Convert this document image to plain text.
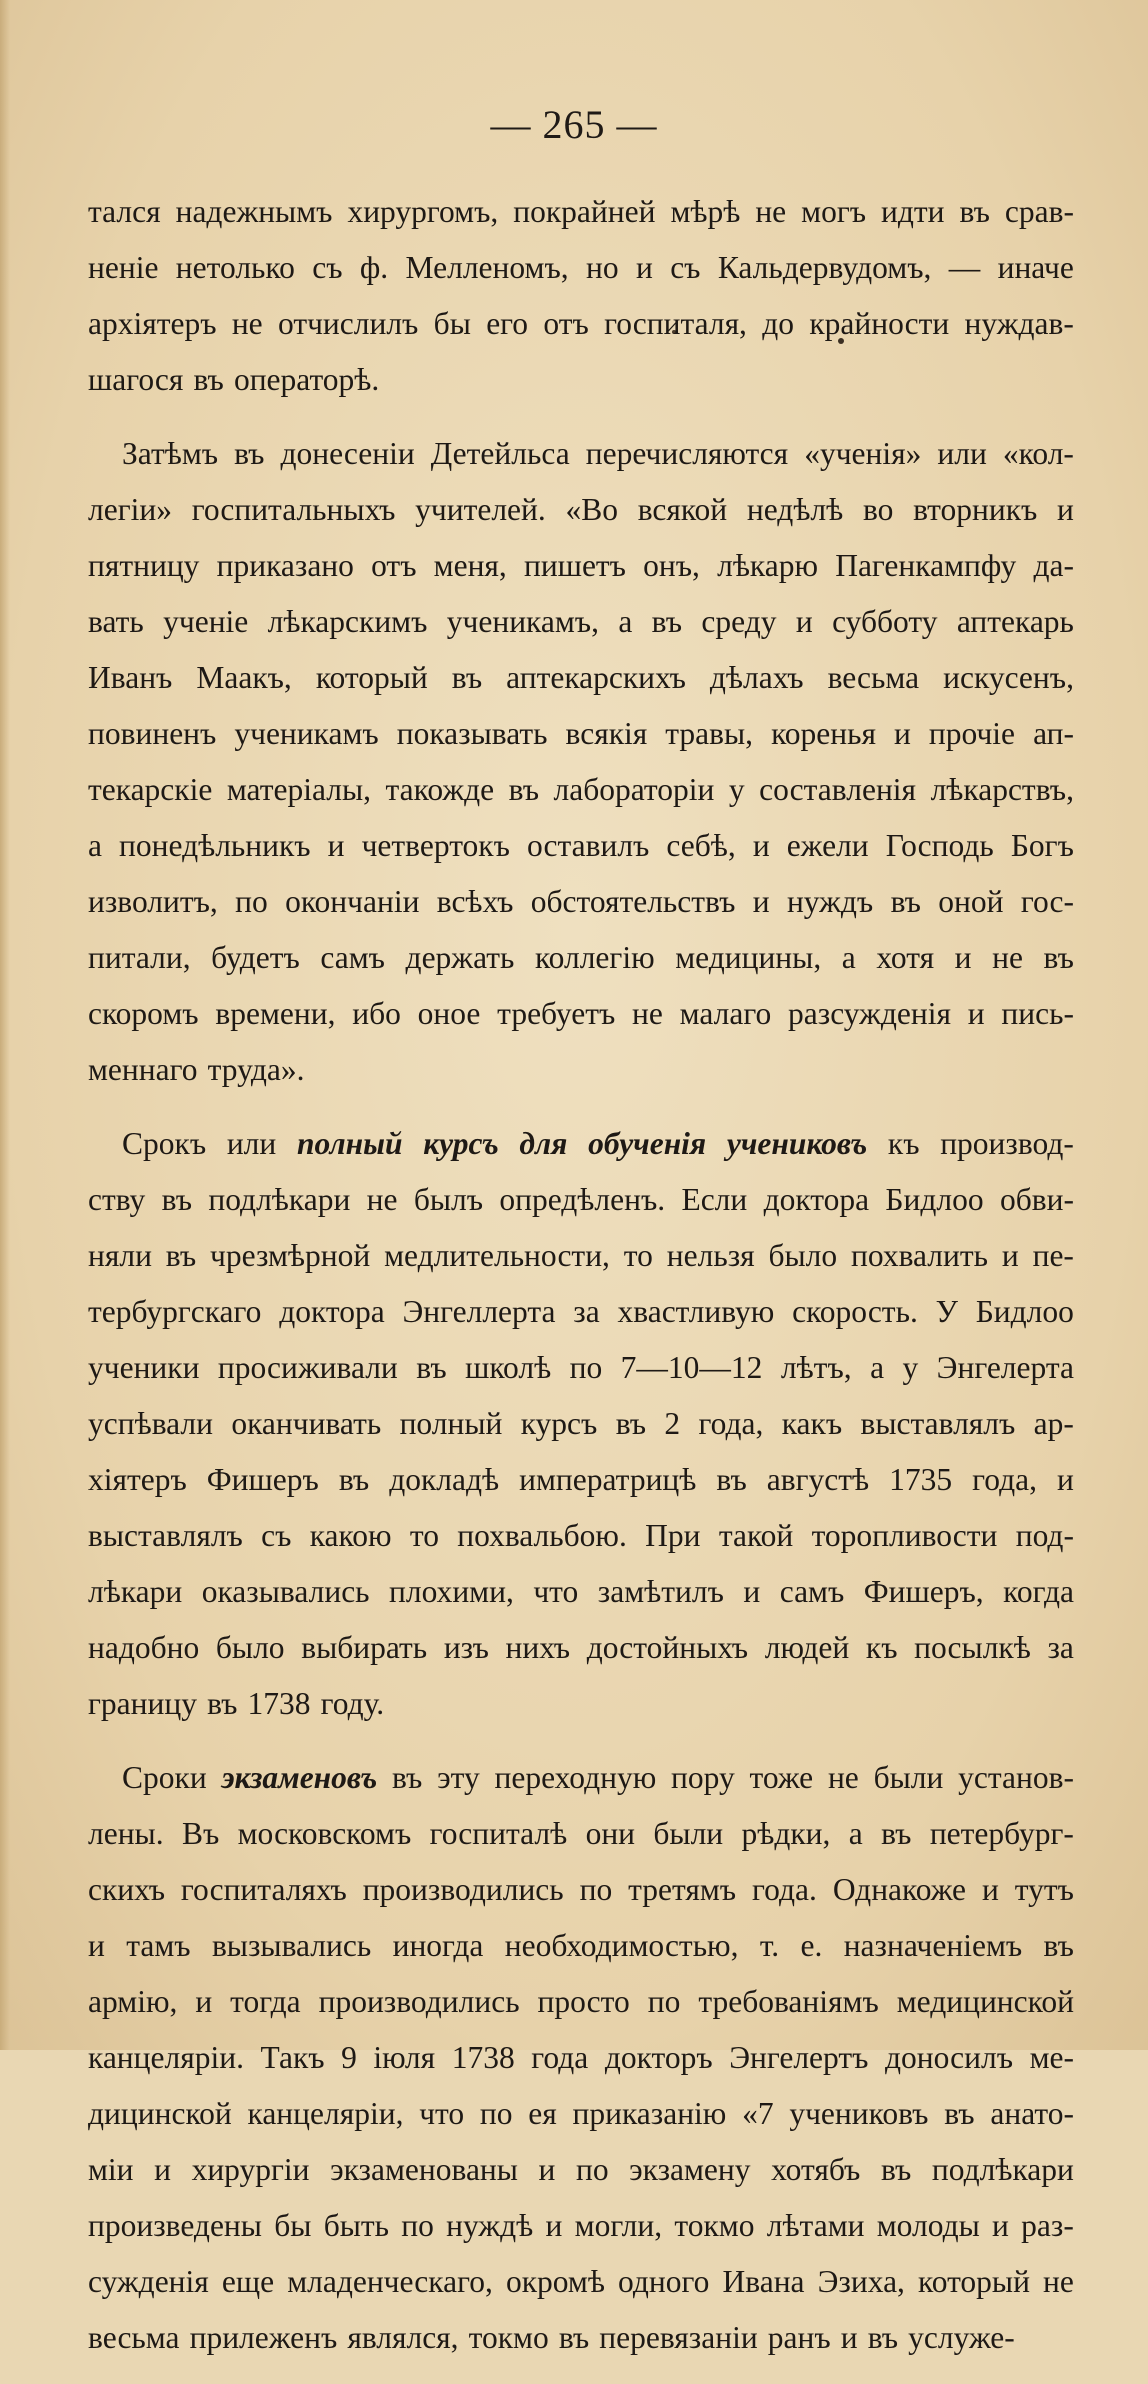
— 265 —
тался надежнымъ хирургомъ, покрайней мѣрѣ не могъ идти въ срав-
неніе нетолько съ ф. Мелленомъ, но и съ Кальдервудомъ, — иначе
архіятеръ не отчислилъ бы его отъ госпиталя, до крайности нуждав-
шагося въ операторѣ.
Затѣмъ въ донесеніи Детейльса перечисляются «ученія» или «кол-
легіи» госпитальныхъ учителей. «Во всякой недѣлѣ во вторникъ и
пятницу приказано отъ меня, пишетъ онъ, лѣкарю Пагенкампфу да-
вать ученіе лѣкарскимъ ученикамъ, а въ среду и субботу аптекарь
Иванъ Маакъ, который въ аптекарскихъ дѣлахъ весьма искусенъ,
повиненъ ученикамъ показывать всякія травы, коренья и прочіе ап-
текарскіе матеріалы, такожде въ лабораторіи у составленія лѣкарствъ,
а понедѣльникъ и четвертокъ оставилъ себѣ, и ежели Господь Богъ
изволитъ, по окончаніи всѣхъ обстоятельствъ и нуждъ въ оной гос-
питали, будетъ самъ держать коллегію медицины, а хотя и не въ
скоромъ времени, ибо оное требуетъ не малаго разсужденія и пись-
меннаго труда».
Срокъ или полный курсъ для обученія учениковъ къ производ-
ству въ подлѣкари не былъ опредѣленъ. Если доктора Бидлоо обви-
няли въ чрезмѣрной медлительности, то нельзя было похвалить и пе-
тербургскаго доктора Энгеллерта за хвастливую скорость. У Бидлоо
ученики просиживали въ школѣ по 7—10—12 лѣтъ, а у Энгелерта
успѣвали оканчивать полный курсъ въ 2 года, какъ выставлялъ ар-
хіятеръ Фишеръ въ докладѣ императрицѣ въ августѣ 1735 года, и
выставлялъ съ какою то похвальбою. При такой торопливости под-
лѣкари оказывались плохими, что замѣтилъ и самъ Фишеръ, когда
надобно было выбирать изъ нихъ достойныхъ людей къ посылкѣ за
границу въ 1738 году.
Сроки экзаменовъ въ эту переходную пору тоже не были установ-
лены. Въ московскомъ госпиталѣ они были рѣдки, а въ петербург-
скихъ госпиталяхъ производились по третямъ года. Однакоже и тутъ
и тамъ вызывались иногда необходимостью, т. е. назначеніемъ въ
армію, и тогда производились просто по требованіямъ медицинской
канцеляріи. Такъ 9 іюля 1738 года докторъ Энгелертъ доносилъ ме-
дицинской канцеляріи, что по ея приказанію «7 учениковъ въ анато-
міи и хирургіи экзаменованы и по экзамену хотябъ въ подлѣкари
произведены бы быть по нуждѣ и могли, токмо лѣтами молоды и раз-
сужденія еще младенческаго, окромѣ одного Ивана Эзиха, который не
весьма прилеженъ являлся, токмо въ перевязаніи ранъ и въ услуже-
